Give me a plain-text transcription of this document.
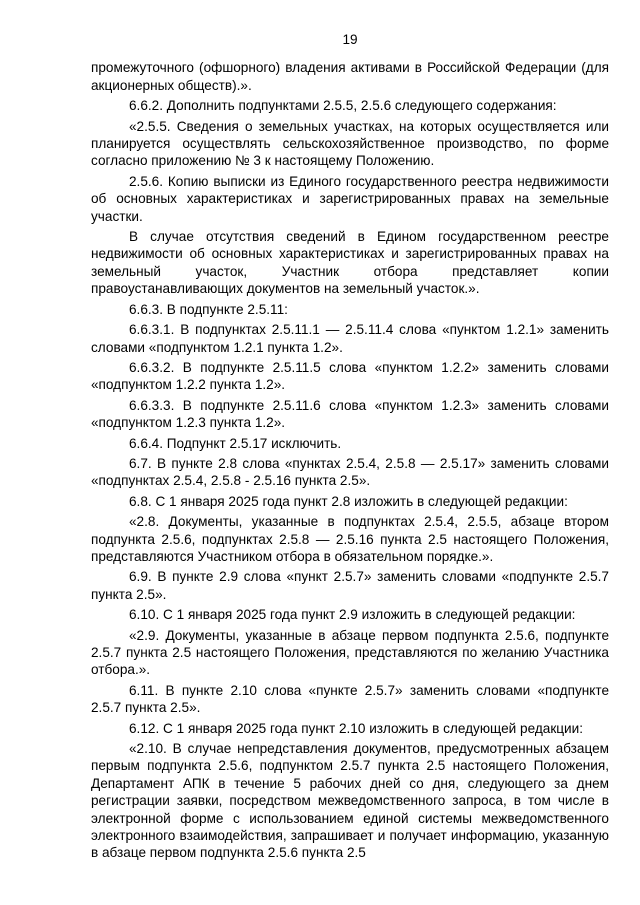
19

промежуточного (офшорного) владения активами в Российской Федерации (для акционерных обществ).».

6.6.2. Дополнить подпунктами 2.5.5, 2.5.6 следующего содержания:

«2.5.5. Сведения о земельных участках, на которых осуществляется или планируется осуществлять сельскохозяйственное производство, по форме согласно приложению № 3 к настоящему Положению.

2.5.6. Копию выписки из Единого государственного реестра недвижимости об основных характеристиках и зарегистрированных правах на земельные участки.

В случае отсутствия сведений в Едином государственном реестре недвижимости об основных характеристиках и зарегистрированных правах на земельный участок, Участник отбора представляет копии правоустанавливающих документов на земельный участок.».

6.6.3. В подпункте 2.5.11:

6.6.3.1. В подпунктах 2.5.11.1 — 2.5.11.4 слова «пунктом 1.2.1» заменить словами «подпунктом 1.2.1 пункта 1.2».

6.6.3.2. В подпункте 2.5.11.5 слова «пунктом 1.2.2» заменить словами «подпунктом 1.2.2 пункта 1.2».

6.6.3.3. В подпункте 2.5.11.6 слова «пунктом 1.2.3» заменить словами «подпунктом 1.2.3 пункта 1.2».

6.6.4. Подпункт 2.5.17 исключить.

6.7. В пункте 2.8 слова «пунктах 2.5.4, 2.5.8 — 2.5.17» заменить словами «подпунктах 2.5.4, 2.5.8 - 2.5.16 пункта 2.5».

6.8. С 1 января 2025 года пункт 2.8 изложить в следующей редакции:

«2.8. Документы, указанные в подпунктах 2.5.4, 2.5.5, абзаце втором подпункта 2.5.6, подпунктах 2.5.8 — 2.5.16 пункта 2.5 настоящего Положения, представляются Участником отбора в обязательном порядке.».

6.9. В пункте 2.9 слова «пункт 2.5.7» заменить словами «подпункте 2.5.7 пункта 2.5».

6.10. С 1 января 2025 года пункт 2.9 изложить в следующей редакции:

«2.9. Документы, указанные в абзаце первом подпункта 2.5.6, подпункте 2.5.7 пункта 2.5 настоящего Положения, представляются по желанию Участника отбора.».

6.11. В пункте 2.10 слова «пункте 2.5.7» заменить словами «подпункте 2.5.7 пункта 2.5».

6.12. С 1 января 2025 года пункт 2.10 изложить в следующей редакции:

«2.10. В случае непредставления документов, предусмотренных абзацем первым подпункта 2.5.6, подпунктом 2.5.7 пункта 2.5 настоящего Положения, Департамент АПК в течение 5 рабочих дней со дня, следующего за днем регистрации заявки, посредством межведомственного запроса, в том числе в электронной форме с использованием единой системы межведомственного электронного взаимодействия, запрашивает и получает информацию, указанную в абзаце первом подпункта 2.5.6 пункта 2.5
